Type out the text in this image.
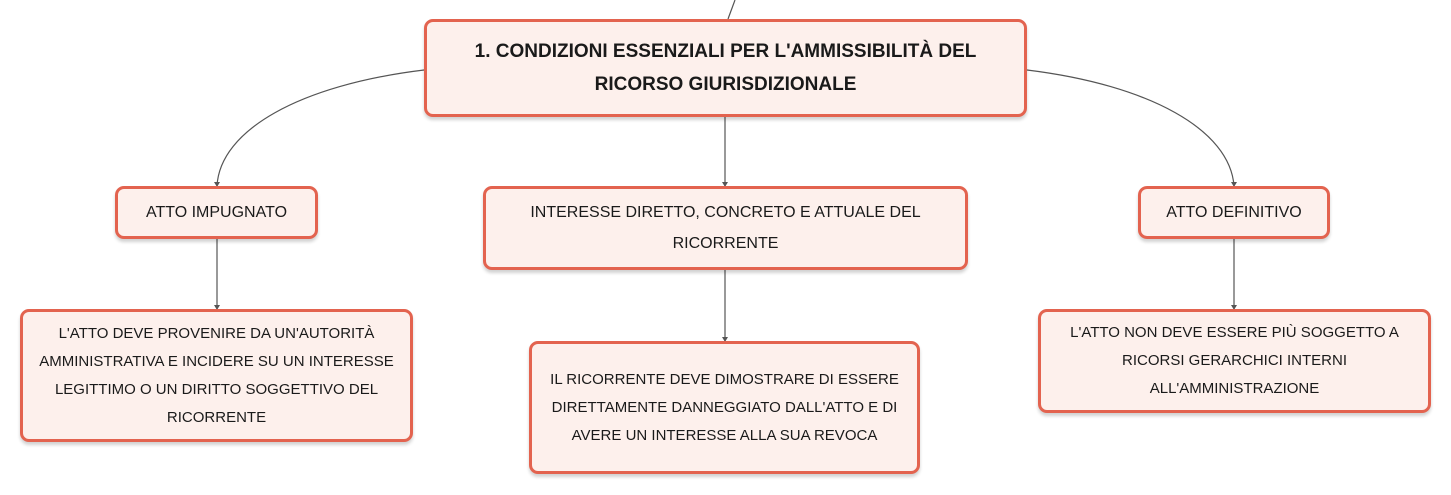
1. CONDIZIONI ESSENZIALI PER L'AMMISSIBILITÀ DEL RICORSO GIURISDIZIONALE
ATTO IMPUGNATO	INTERESSE DIRETTO, CONCRETO E ATTUALE DEL RICORRENTE
ATTO DEFINITIVO
L'ATTO DEVE PROVENIRE DA UN'AUTORITÀ AMMINISTRATIVA E INCIDERE SU UN INTERESSE LEGITTIMO O UN DIRITTO SOGGETTIVO DEL RICORRENTE
IL RICORRENTE DEVE DIMOSTRARE DI ESSERE DIRETTAMENTE DANNEGGIATO DALL'ATTO E DI AVERE UN INTERESSE ALLA SUA REVOCA
L'ATTO NON DEVE ESSERE PIÙ SOGGETTO A RICORSI GERARCHICI INTERNI ALL'AMMINISTRAZIONE
